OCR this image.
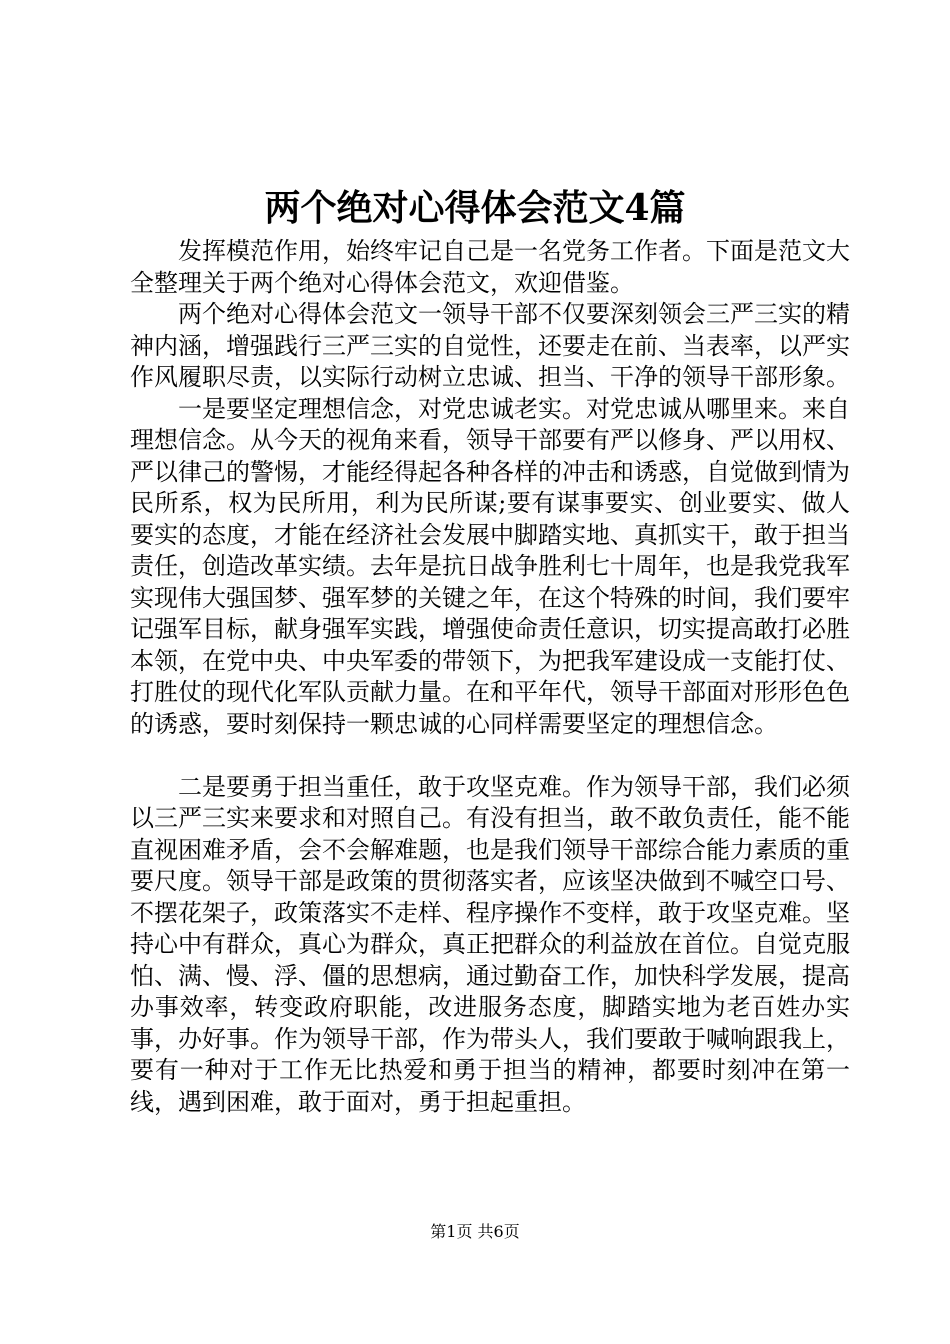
两个绝对心得体会范文4篇

发挥模范作用，始终牢记自己是一名党务工作者。下面是范文大全整理关于两个绝对心得体会范文，欢迎借鉴。

两个绝对心得体会范文一领导干部不仅要深刻领会三严三实的精神内涵，增强践行三严三实的自觉性，还要走在前、当表率，以严实作风履职尽责，以实际行动树立忠诚、担当、干净的领导干部形象。

一是要坚定理想信念，对党忠诚老实。对党忠诚从哪里来。来自理想信念。从今天的视角来看，领导干部要有严以修身、严以用权、严以律己的警惕，才能经得起各种各样的冲击和诱惑，自觉做到情为民所系，权为民所用，利为民所谋;要有谋事要实、创业要实、做人要实的态度，才能在经济社会发展中脚踏实地、真抓实干，敢于担当责任，创造改革实绩。去年是抗日战争胜利七十周年，也是我党我军实现伟大强国梦、强军梦的关键之年，在这个特殊的时间，我们要牢记强军目标，献身强军实践，增强使命责任意识，切实提高敢打必胜本领，在党中央、中央军委的带领下，为把我军建设成一支能打仗、打胜仗的现代化军队贡献力量。在和平年代，领导干部面对形形色色的诱惑，要时刻保持一颗忠诚的心同样需要坚定的理想信念。

二是要勇于担当重任，敢于攻坚克难。作为领导干部，我们必须以三严三实来要求和对照自己。有没有担当，敢不敢负责任，能不能直视困难矛盾，会不会解难题，也是我们领导干部综合能力素质的重要尺度。领导干部是政策的贯彻落实者，应该坚决做到不喊空口号、不摆花架子，政策落实不走样、程序操作不变样，敢于攻坚克难。坚持心中有群众，真心为群众，真正把群众的利益放在首位。自觉克服怕、满、慢、浮、僵的思想病，通过勤奋工作，加快科学发展，提高办事效率，转变政府职能，改进服务态度，脚踏实地为老百姓办实事，办好事。作为领导干部，作为带头人，我们要敢于喊响跟我上，要有一种对于工作无比热爱和勇于担当的精神，都要时刻冲在第一线，遇到困难，敢于面对，勇于担起重担。

第1页 共6页
